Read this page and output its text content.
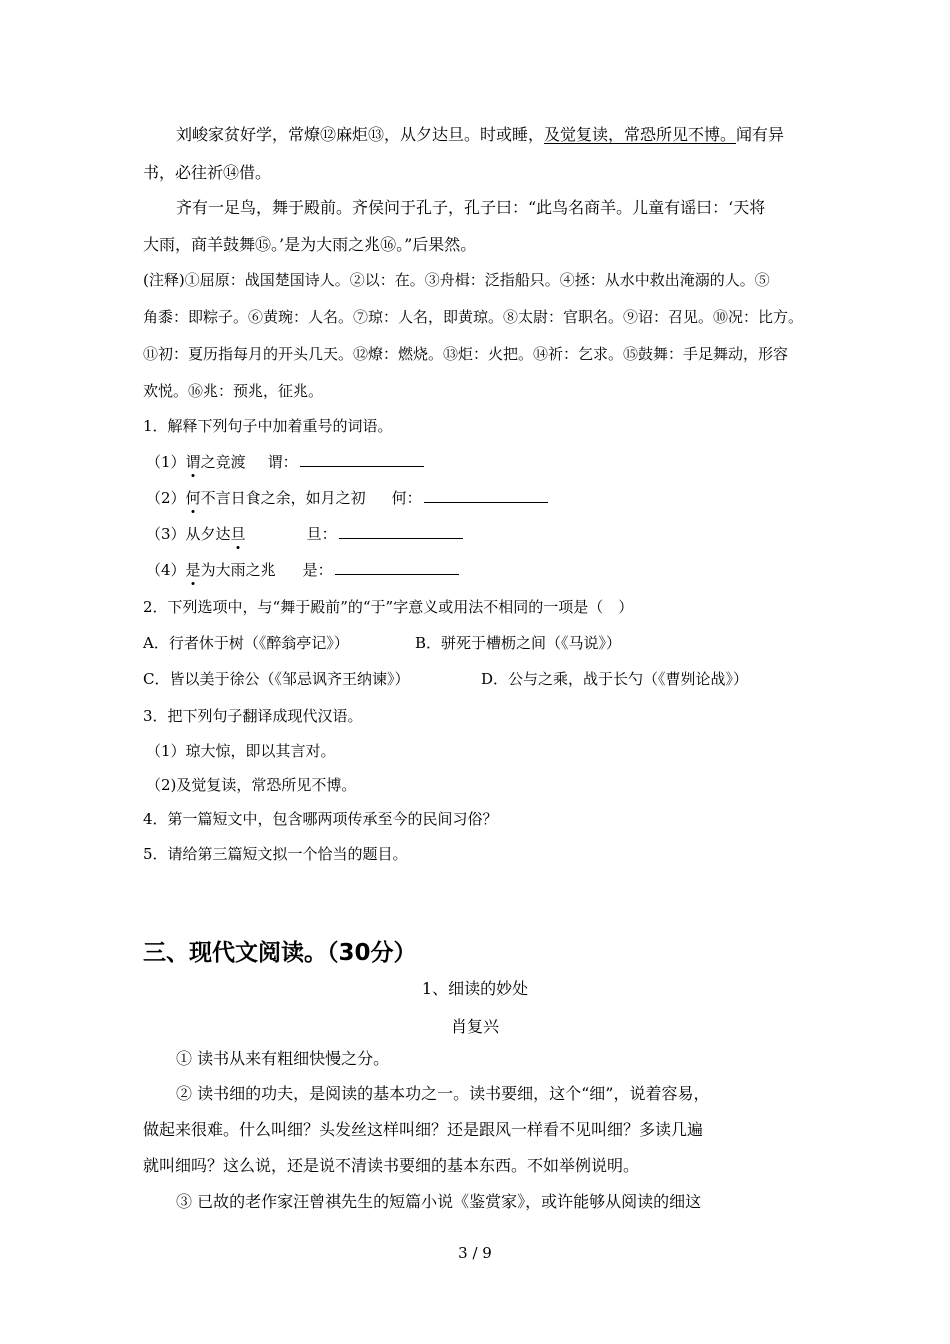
刘峻家贫好学，常燎⑫麻炬⑬，从夕达旦。时或睡，及觉复读，常恐所见不博。闻有异
书，必往祈⑭借。
齐有一足鸟，舞于殿前。齐侯问于孔子，孔子曰：“此鸟名商羊。儿童有谣曰：‘天将
大雨，商羊鼓舞⑮。’是为大雨之兆⑯。”后果然。
(注释)①屈原：战国楚国诗人。②以：在。③舟楫：泛指船只。④拯：从水中救出淹溺的人。⑤
角黍：即粽子。⑥黄琬：人名。⑦琼：人名，即黄琼。⑧太尉：官职名。⑨诏：召见。⑩况：比方。
⑪初：夏历指每月的开头几天。⑫燎：燃烧。⑬炬：火把。⑭祈：乞求。⑮鼓舞：手足舞动，形容
欢悦。⑯兆：预兆，征兆。
1．解释下列句子中加着重号的词语。
（1）谓之竞渡 谓：
（2）何不言日食之余，如月之初 何：
（3）从夕达旦	旦：
（4）是为大雨之兆 是：
2．下列选项中，与“舞于殿前”的“于”字意义或用法不相同的一项是（　）
A．行者休于树（《醉翁亭记》）	B．骈死于槽枥之间（《马说》）
C．皆以美于徐公（《邹忌讽齐王纳谏》）	D．公与之乘，战于长勺（《曹刿论战》）
3．把下列句子翻译成现代汉语。
（1）琼大惊，即以其言对。
（2)及觉复读，常恐所见不博。
4．第一篇短文中，包含哪两项传承至今的民间习俗？
5．请给第三篇短文拟一个恰当的题目。
三、现代文阅读。（30分）
1、细读的妙处
肖复兴
① 读书从来有粗细快慢之分。
② 读书细的功夫，是阅读的基本功之一。读书要细，这个“细”，说着容易，
做起来很难。什么叫细？头发丝这样叫细？还是跟风一样看不见叫细？多读几遍
就叫细吗？这么说，还是说不清读书要细的基本东西。不如举例说明。
③ 已故的老作家汪曾祺先生的短篇小说《鉴赏家》，或许能够从阅读的细这
3 / 9
